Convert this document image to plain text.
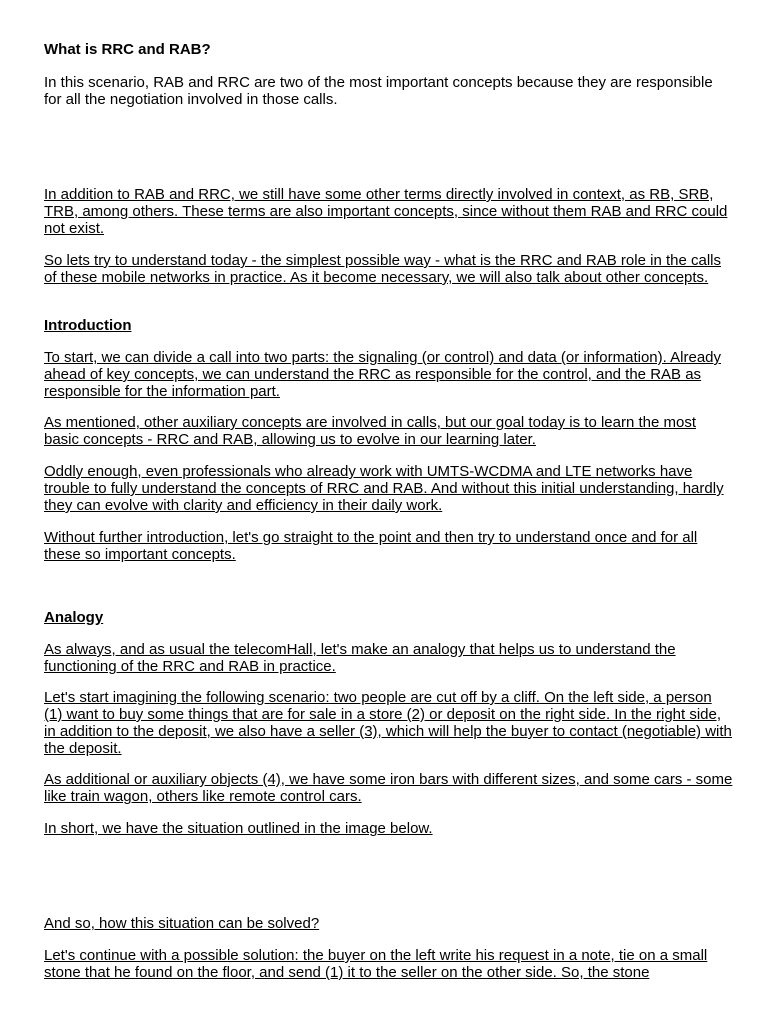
What is RRC and RAB?

In this scenario, RAB and RRC are two of the most important concepts because they are responsible for all the negotiation involved in those calls.

In addition to RAB and RRC, we still have some other terms directly involved in context, as RB, SRB, TRB, among others. These terms are also important concepts, since without them RAB and RRC could not exist.

So lets try to understand today - the simplest possible way - what is the RRC and RAB role in the calls of these mobile networks in practice. As it become necessary, we will also talk about other concepts.

Introduction

To start, we can divide a call into two parts: the signaling (or control) and data (or information). Already ahead of key concepts, we can understand the RRC as responsible for the control, and the RAB as responsible for the information part.

As mentioned, other auxiliary concepts are involved in calls, but our goal today is to learn the most basic concepts - RRC and RAB, allowing us to evolve in our learning later.

Oddly enough, even professionals who already work with UMTS-WCDMA and LTE networks have trouble to fully understand the concepts of RRC and RAB. And without this initial understanding, hardly they can evolve with clarity and efficiency in their daily work.

Without further introduction, let's go straight to the point and then try to understand once and for all these so important concepts.

Analogy

As always, and as usual the telecomHall, let's make an analogy that helps us to understand the functioning of the RRC and RAB in practice.

Let's start imagining the following scenario: two people are cut off by a cliff. On the left side, a person (1) want to buy some things that are for sale in a store (2) or deposit on the right side. In the right side, in addition to the deposit, we also have a seller (3), which will help the buyer to contact (negotiable) with the deposit.

As additional or auxiliary objects (4), we have some iron bars with different sizes, and some cars - some like train wagon, others like remote control cars.

In short, we have the situation outlined in the image below.

And so, how this situation can be solved?

Let's continue with a possible solution: the buyer on the left write his request in a note, tie on a small stone that he found on the floor, and send (1) it to the seller on the other side. So, the stone
